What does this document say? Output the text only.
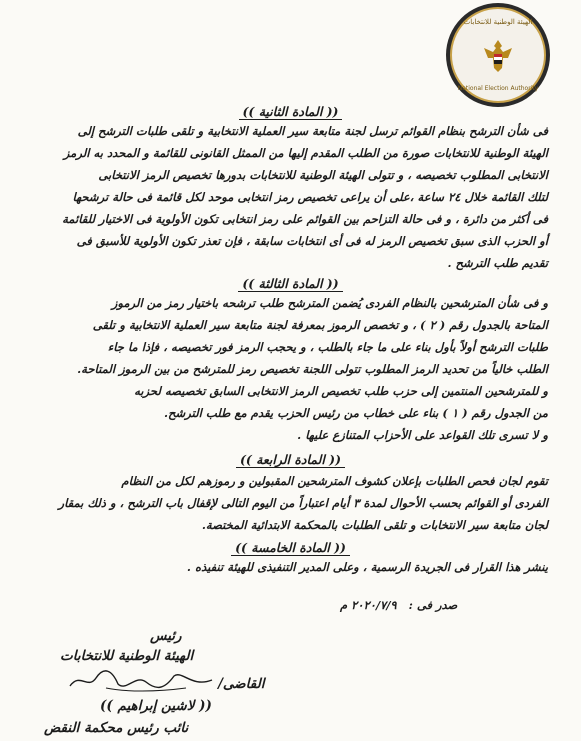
الهيئة الوطنية للانتخابات
National Election Authority
(( المادة الثانية ))
فى شأن الترشح بنظام القوائم ترسل لجنة متابعة سير العملية الانتخابية و تلقى طلبات الترشح إلى
الهيئة الوطنية للانتخابات صورة من الطلب المقدم إليها من الممثل القانونى للقائمة و المحدد به الرمز
الانتخابى المطلوب تخصيصه ، و تتولى الهيئة الوطنية للانتخابات بدورها تخصيص الرمز الانتخابى
لتلك القائمة خلال ٢٤ ساعة ،على أن يراعى تخصيص رمز انتخابى موحد لكل قائمة فى حالة ترشحها
فى أكثر من دائرة ، و فى حالة التزاحم بين القوائم على رمز انتخابى تكون الأولوية فى الاختيار للقائمة
أو الحزب الذى سبق تخصيص الرمز له فى أى انتخابات سابقة ، فإن تعذر تكون الأولوية للأسبق فى
تقديم طلب الترشح .
(( المادة الثالثة ))
و فى شأن المترشحين بالنظام الفردى يُضمن المترشح طلب ترشحه باختيار رمز من الرموز
المتاحة بالجدول رقم ( ٢ ) ، و تخصص الرموز بمعرفة لجنة متابعة سير العملية الانتخابية و تلقى
طلبات الترشح أولاً بأول بناء على ما جاء بالطلب ، و يحجب الرمز فور تخصيصه ، فإذا ما جاء
الطلب خالياً من تحديد الرمز المطلوب تتولى اللجنة تخصيص رمز للمترشح من بين الرموز المتاحة.
و للمترشحين المنتمين إلى حزب طلب تخصيص الرمز الانتخابى السابق تخصيصه لحزبه
من الجدول رقم ( ١ ) بناء على خطاب من رئيس الحزب يقدم مع طلب الترشح.
و لا تسرى تلك القواعد على الأحزاب المتنازع عليها .
(( المادة الرابعة ))
تقوم لجان فحص الطلبات بإعلان كشوف المترشحين المقبولين و رموزهم لكل من النظام
الفردى أو القوائم بحسب الأحوال لمدة ٣ أيام اعتباراً من اليوم التالى لإقفال باب الترشح ، و ذلك بمقار
لجان متابعة سير الانتخابات و تلقى الطلبات بالمحكمة الابتدائية المختصة.
(( المادة الخامسة ))
ينشر هذا القرار فى الجريدة الرسمية ، وعلى المدير التنفيذى للهيئة تنفيذه .
صدر فى : ٢٠٢٠/٧/٩ م
رئيس
الهيئة الوطنية للانتخابات
القاضى/
(( لاشين إبراهيم ))
نائب رئيس محكمة النقض
